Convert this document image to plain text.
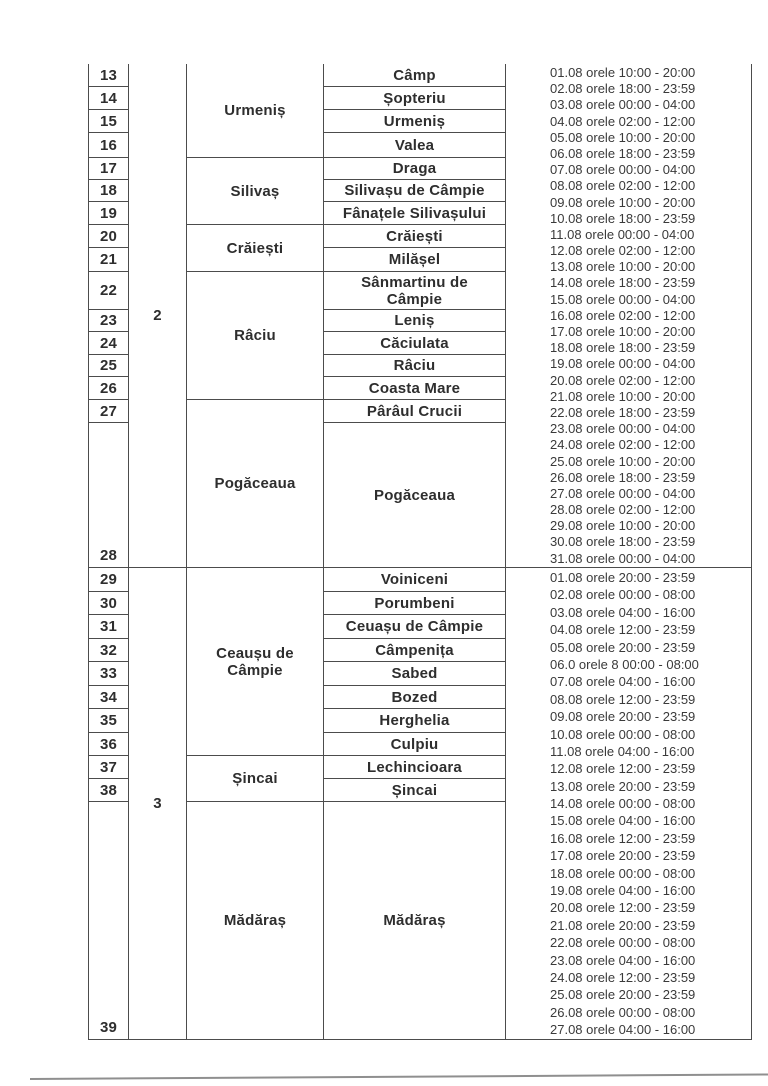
13
14
15
16
17
18
19
20
21
22
23
24
25
26
27
28
2
Urmeniș
Silivaș
Crăiești
Râciu
Pogăceaua
Câmp
Șopteriu
Urmeniș
Valea
Draga
Silivașu de Câmpie
Fânațele Silivașului
Crăiești
Milășel
Sânmartinu de Câmpie
Leniș
Căciulata
Râciu
Coasta Mare
Pârâul Crucii
Pogăceaua
01.08 orele 10:00 - 20:00
02.08 orele 18:00 - 23:59
03.08 orele 00:00 - 04:00
04.08 orele 02:00 - 12:00
05.08 orele 10:00 - 20:00
06.08 orele 18:00 - 23:59
07.08 orele 00:00 - 04:00
08.08 orele 02:00 - 12:00
09.08 orele 10:00 - 20:00
10.08 orele 18:00 - 23:59
11.08 orele 00:00 - 04:00
12.08 orele 02:00 - 12:00
13.08 orele 10:00 - 20:00
14.08 orele 18:00 - 23:59
15.08 orele 00:00 - 04:00
16.08 orele 02:00 - 12:00
17.08 orele 10:00 - 20:00
18.08 orele 18:00 - 23:59
19.08 orele 00:00 - 04:00
20.08 orele 02:00 - 12:00
21.08 orele 10:00 - 20:00
22.08 orele 18:00 - 23:59
23.08 orele 00:00 - 04:00
24.08 orele 02:00 - 12:00
25.08 orele 10:00 - 20:00
26.08 orele 18:00 - 23:59
27.08 orele 00:00 - 04:00
28.08 orele 02:00 - 12:00
29.08 orele 10:00 - 20:00
30.08 orele 18:00 - 23:59
31.08 orele 00:00 - 04:00
29
30
31
32
33
34
35
36
37
38
39
3
Ceaușu de Câmpie
Șincai
Mădăraș
Voiniceni
Porumbeni
Ceuașu de Câmpie
Câmpenița
Sabed
Bozed
Herghelia
Culpiu
Lechincioara
Șincai
Mădăraș
01.08 orele 20:00 - 23:59
02.08 orele 00:00 - 08:00
03.08 orele 04:00 - 16:00
04.08 orele 12:00 - 23:59
05.08 orele 20:00 - 23:59
06.0 orele 8 00:00 - 08:00
07.08 orele 04:00 - 16:00
08.08 orele 12:00 - 23:59
09.08 orele 20:00 - 23:59
10.08 orele 00:00 - 08:00
11.08 orele 04:00 - 16:00
12.08 orele 12:00 - 23:59
13.08 orele 20:00 - 23:59
14.08 orele 00:00 - 08:00
15.08 orele 04:00 - 16:00
16.08 orele 12:00 - 23:59
17.08 orele 20:00 - 23:59
18.08 orele 00:00 - 08:00
19.08 orele 04:00 - 16:00
20.08 orele 12:00 - 23:59
21.08 orele 20:00 - 23:59
22.08 orele 00:00 - 08:00
23.08 orele 04:00 - 16:00
24.08 orele 12:00 - 23:59
25.08 orele 20:00 - 23:59
26.08 orele 00:00 - 08:00
27.08 orele 04:00 - 16:00
